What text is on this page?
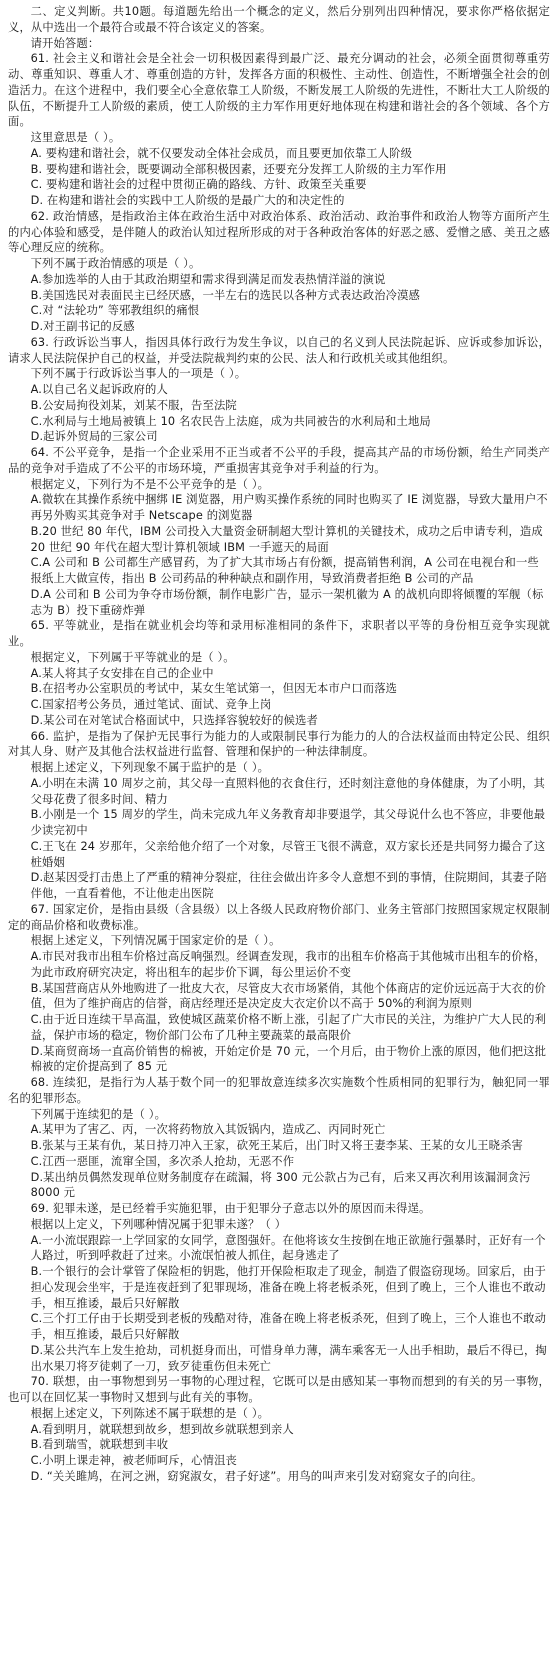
二、定义判断。共10题。每道题先给出一个概念的定义，然后分别列出四种情况，要求你严格依据定义，从中选出一个最符合或最不符合该定义的答案。

请开始答题：

61. 社会主义和谐社会是全社会一切积极因素得到最广泛、最充分调动的社会，必须全面贯彻尊重劳动、尊重知识、尊重人才、尊重创造的方针，发挥各方面的积极性、主动性、创造性，不断增强全社会的创造活力。在这个进程中，我们要全心全意依靠工人阶级，不断发展工人阶级的先进性，不断壮大工人阶级的队伍，不断提升工人阶级的素质，使工人阶级的主力军作用更好地体现在构建和谐社会的各个领域、各个方面。

这里意思是（ ）。

A. 要构建和谐社会，就不仅要发动全体社会成员，而且要更加依靠工人阶级

B. 要构建和谐社会，既要调动全部积极因素，还要充分发挥工人阶级的主力军作用

C. 要构建和谐社会的过程中贯彻正确的路线、方针、政策至关重要

D. 在构建和谐社会的实践中工人阶级的是最广大的和决定性的

62. 政治情感，是指政治主体在政治生活中对政治体系、政治活动、政治事件和政治人物等方面所产生的内心体验和感受，是伴随人的政治认知过程所形成的对于各种政治客体的好恶之感、爱憎之感、美丑之感等心理反应的统称。

下列不属于政治情感的项是（ ）。

A.参加选举的人由于其政治期望和需求得到满足而发表热情洋溢的演说

B.美国选民对表面民主已经厌感，一半左右的选民以各种方式表达政治冷漠感

C.对 “法轮功” 等邪教组织的痛恨

D.对王副书记的反感

63. 行政诉讼当事人，指因具体行政行为发生争议，以自己的名义到人民法院起诉、应诉或参加诉讼，请求人民法院保护自己的权益，并受法院裁判约束的公民、法人和行政机关或其他组织。

下列不属于行政诉讼当事人的一项是（ ）。

A.以自己名义起诉政府的人

B.公安局拘役刘某，刘某不服，告至法院

C.水利局与土地局被镇上 10 名农民告上法庭，成为共同被告的水利局和土地局

D.起诉外贸局的三家公司

64. 不公平竞争，是指一个企业采用不正当或者不公平的手段，提高其产品的市场份额，给生产同类产品的竞争对手造成了不公平的市场环境，严重损害其竞争对手利益的行为。

根据定义，下列行为不是不公平竞争的是（ ）。

A.微软在其操作系统中捆绑 IE 浏览器，用户购买操作系统的同时也购买了 IE 浏览器，导致大量用户不再另外购买其竞争对手 Netscape 的浏览器

B.20 世纪 80 年代，IBM 公司投入大量资金研制超大型计算机的关键技术，成功之后申请专利，造成 20 世纪 90 年代在超大型计算机领域 IBM 一手遮天的局面

C.A 公司和 B 公司都生产感冒药，为了扩大其市场占有份额，提高销售利润，A 公司在电视台和一些报纸上大做宣传，指出 B 公司药品的种种缺点和副作用，导致消费者拒绝 B 公司的产品

D.A 公司和 B 公司为争夺市场份额，制作电影广告，显示一架机徽为 A 的战机向即将倾覆的军舰（标志为 B）投下重磅炸弹

65. 平等就业，是指在就业机会均等和录用标准相同的条件下，求职者以平等的身份相互竞争实现就业。

根据定义，下列属于平等就业的是（ ）。

A.某人将其子女安排在自己的企业中

B.在招考办公室职员的考试中，某女生笔试第一，但因无本市户口而落选

C.国家招考公务员，通过笔试、面试、竞争上岗

D.某公司在对笔试合格面试中，只选择容貌较好的候选者

66. 监护，是指为了保护无民事行为能力的人或限制民事行为能力的人的合法权益而由特定公民、组织对其人身、财产及其他合法权益进行监督、管理和保护的一种法律制度。

根据上述定义，下列现象不属于监护的是（ ）。

A.小明在未满 10 周岁之前，其父母一直照料他的衣食住行，还时刻注意他的身体健康，为了小明，其父母花费了很多时间、精力

B.小刚是一个 15 周岁的学生，尚未完成九年义务教育却非要退学，其父母说什么也不答应，非要他最少读完初中

C.王飞在 24 岁那年，父亲给他介绍了一个对象，尽管王飞很不满意，双方家长还是共同努力撮合了这桩婚姻

D.赵某因受打击患上了严重的精神分裂症，往往会做出许多令人意想不到的事情，住院期间，其妻子陪伴他，一直看着他，不让他走出医院

67. 国家定价，是指由县级（含县级）以上各级人民政府物价部门、业务主管部门按照国家规定权限制定的商品价格和收费标准。

根据上述定义，下列情况属于国家定价的是（ ）。

A.市民对我市出租车价格过高反响强烈。经调查发现，我市的出租车价格高于其他城市出租车的价格，为此市政府研究决定，将出租车的起步价下调，每公里运价不变

B.某国营商店从外地购进了一批皮大衣，尽管皮大衣市场紧俏，其他个体商店的定价远远高于大衣的价值，但为了维护商店的信誉，商店经理还是决定皮大衣定价以不高于 50%的利润为原则

C.由于近日连续干旱高温，致使城区蔬菜价格不断上涨，引起了广大市民的关注，为维护广大人民的利益，保护市场的稳定，物价部门公布了几种主要蔬菜的最高限价

D.某商贸商场一直高价销售的棉被，开始定价是 70 元，一个月后，由于物价上涨的原因，他们把这批棉被的定价提高到了 85 元

68. 连续犯，是指行为人基于数个同一的犯罪故意连续多次实施数个性质相同的犯罪行为，触犯同一罪名的犯罪形态。

下列属于连续犯的是（ ）。

A.某甲为了害乙、丙，一次将药物放入其饭锅内，造成乙、丙同时死亡

B.张某与王某有仇，某日持刀冲入王家，砍死王某后，出门时又将王妻李某、王某的女儿王晓杀害

C.江西一惡匪，流窜全国，多次杀人抢劫，无恶不作

D.某出纳员偶然发现单位财务制度存在疏漏，将 300 元公款占为己有，后来又再次利用该漏洞贪污 8000 元

69. 犯罪未遂，是已经着手实施犯罪，由于犯罪分子意志以外的原因而未得逞。

根据以上定义，下列哪种情况属于犯罪未遂？（ ）

A.一小流氓跟踪一上学回家的女同学，意图强奸。在他将该女生按倒在地正欲施行强暴时，正好有一个人路过，听到呼救赶了过来。小流氓怕被人抓住，起身逃走了

B.一个银行的会计掌管了保险柜的钥匙，他打开保险柜取走了现金，制造了假盗窃现场。回家后，由于担心发现会坐牢，于是连夜赶到了犯罪现场，准备在晚上将老板杀死，但到了晚上，三个人谁也不敢动手，相互推诿，最后只好解散

C.三个打工仔由于长期受到老板的残酷对待，准备在晚上将老板杀死，但到了晚上，三个人谁也不敢动手，相互推诿，最后只好解散

D.某公共汽车上发生抢劫，司机挺身而出，可惜身单力薄，满车乘客无一人出手相助，最后不得已，掏出水果刀将歹徒刺了一刀，致歹徒重伤但未死亡

70. 联想，由一事物想到另一事物的心理过程，它既可以是由感知某一事物而想到的有关的另一事物，也可以在回忆某一事物时又想到与此有关的事物。

根据上述定义，下列陈述不属于联想的是（ ）。

A.看到明月，就联想到故乡，想到故乡就联想到亲人

B.看到瑞雪，就联想到丰收

C.小明上课走神，被老师呵斥，心情沮丧

D. “关关雎鸠，在河之洲，窈窕淑女，君子好逑”。用鸟的叫声来引发对窈窕女子的向往。
